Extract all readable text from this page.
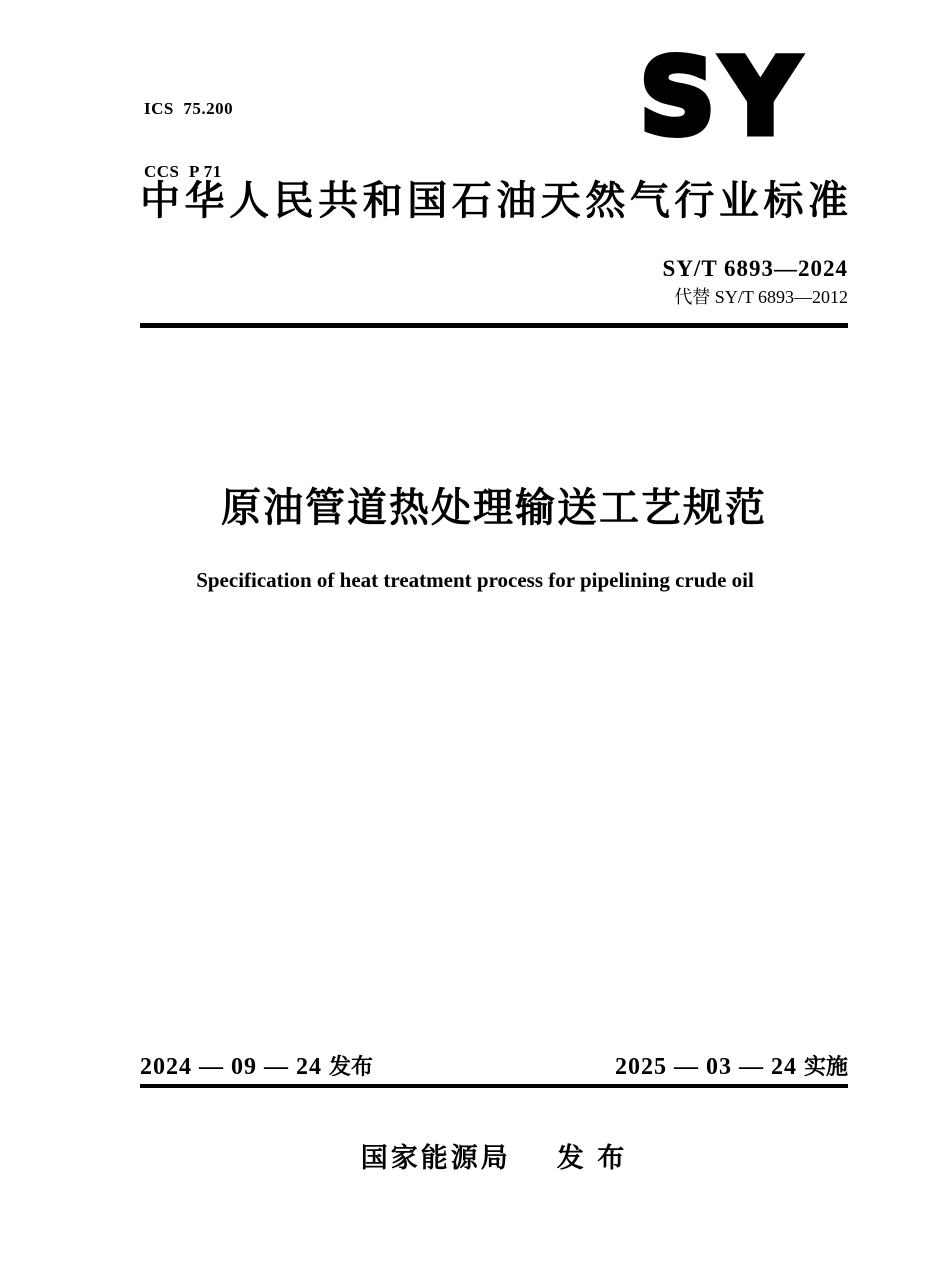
ICS  75.200

CCS  P 71

SY
中华人民共和国石油天然气行业标准
SY/T 6893—2024
代替 SY/T 6893—2012
原油管道热处理输送工艺规范
Specification of heat treatment process for pipelining crude oil
2024 — 09 — 24 发布	2025 — 03 — 24 实施
国家能源局 发 布
